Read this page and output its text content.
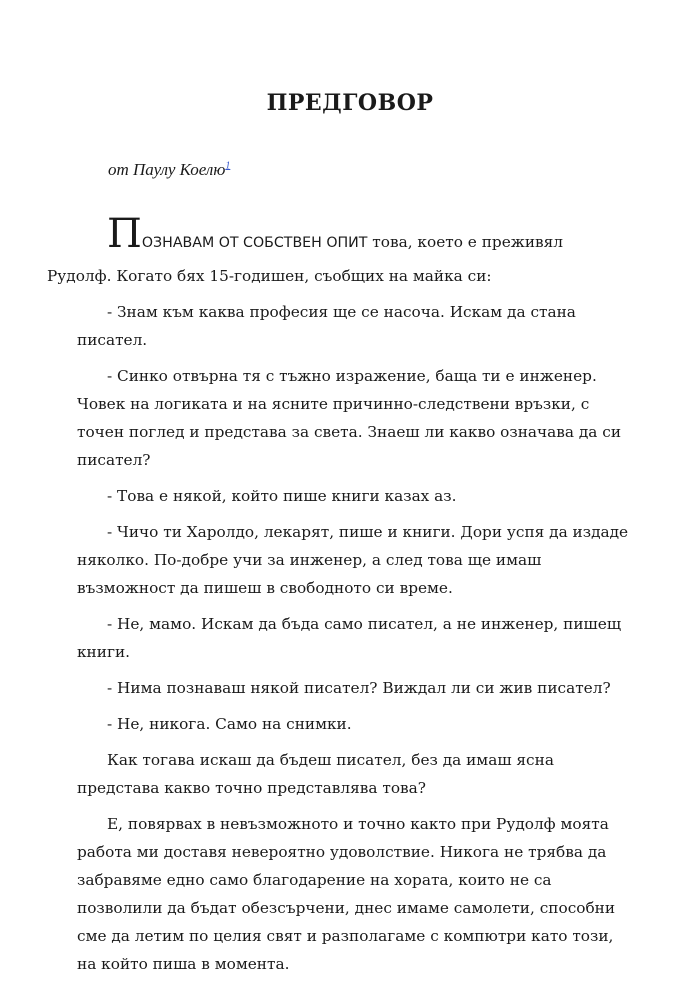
ПРЕДГОВОР
от Паулу Коелю$^1$

ПОЗНАВАМ ОТ СОБСТВЕН ОПИТ това, което е преживял
Рудолф. Когато бях 15-годишен, съобщих на майка си:

- Знам към каква професия ще се насоча. Искам да стана писател.

- Синко отвърна тя с тъжно изражение, баща ти е инженер. Човек на логиката и на ясните причинно-следствени връзки, с точен поглед и представа за света. Знаеш ли какво означава да си писател?

- Това е някой, който пише книги казах аз.

- Чичо ти Харолдо, лекарят, пише и книги. Дори успя да издаде няколко. По-добре учи за инженер, а след това ще имаш възможност да пишеш в свободното си време.

- Не, мамо. Искам да бъда само писател, а не инженер, пишещ книги.

- Нима познаваш някой писател? Виждал ли си жив писател?

- Не, никога. Само на снимки.

Как тогава искаш да бъдеш писател, без да имаш ясна представа какво точно представлява това?

Е, повярвах в невъзможното и точно както при Рудолф моята работа ми доставя невероятно удоволствие. Никога не трябва да забравяме едно само благодарение на хората, които не са позволили да бъдат обезсърчени, днес имаме самолети, способни сме да летим по целия свят и разполагаме с компютри като този, на който пиша в момента.
